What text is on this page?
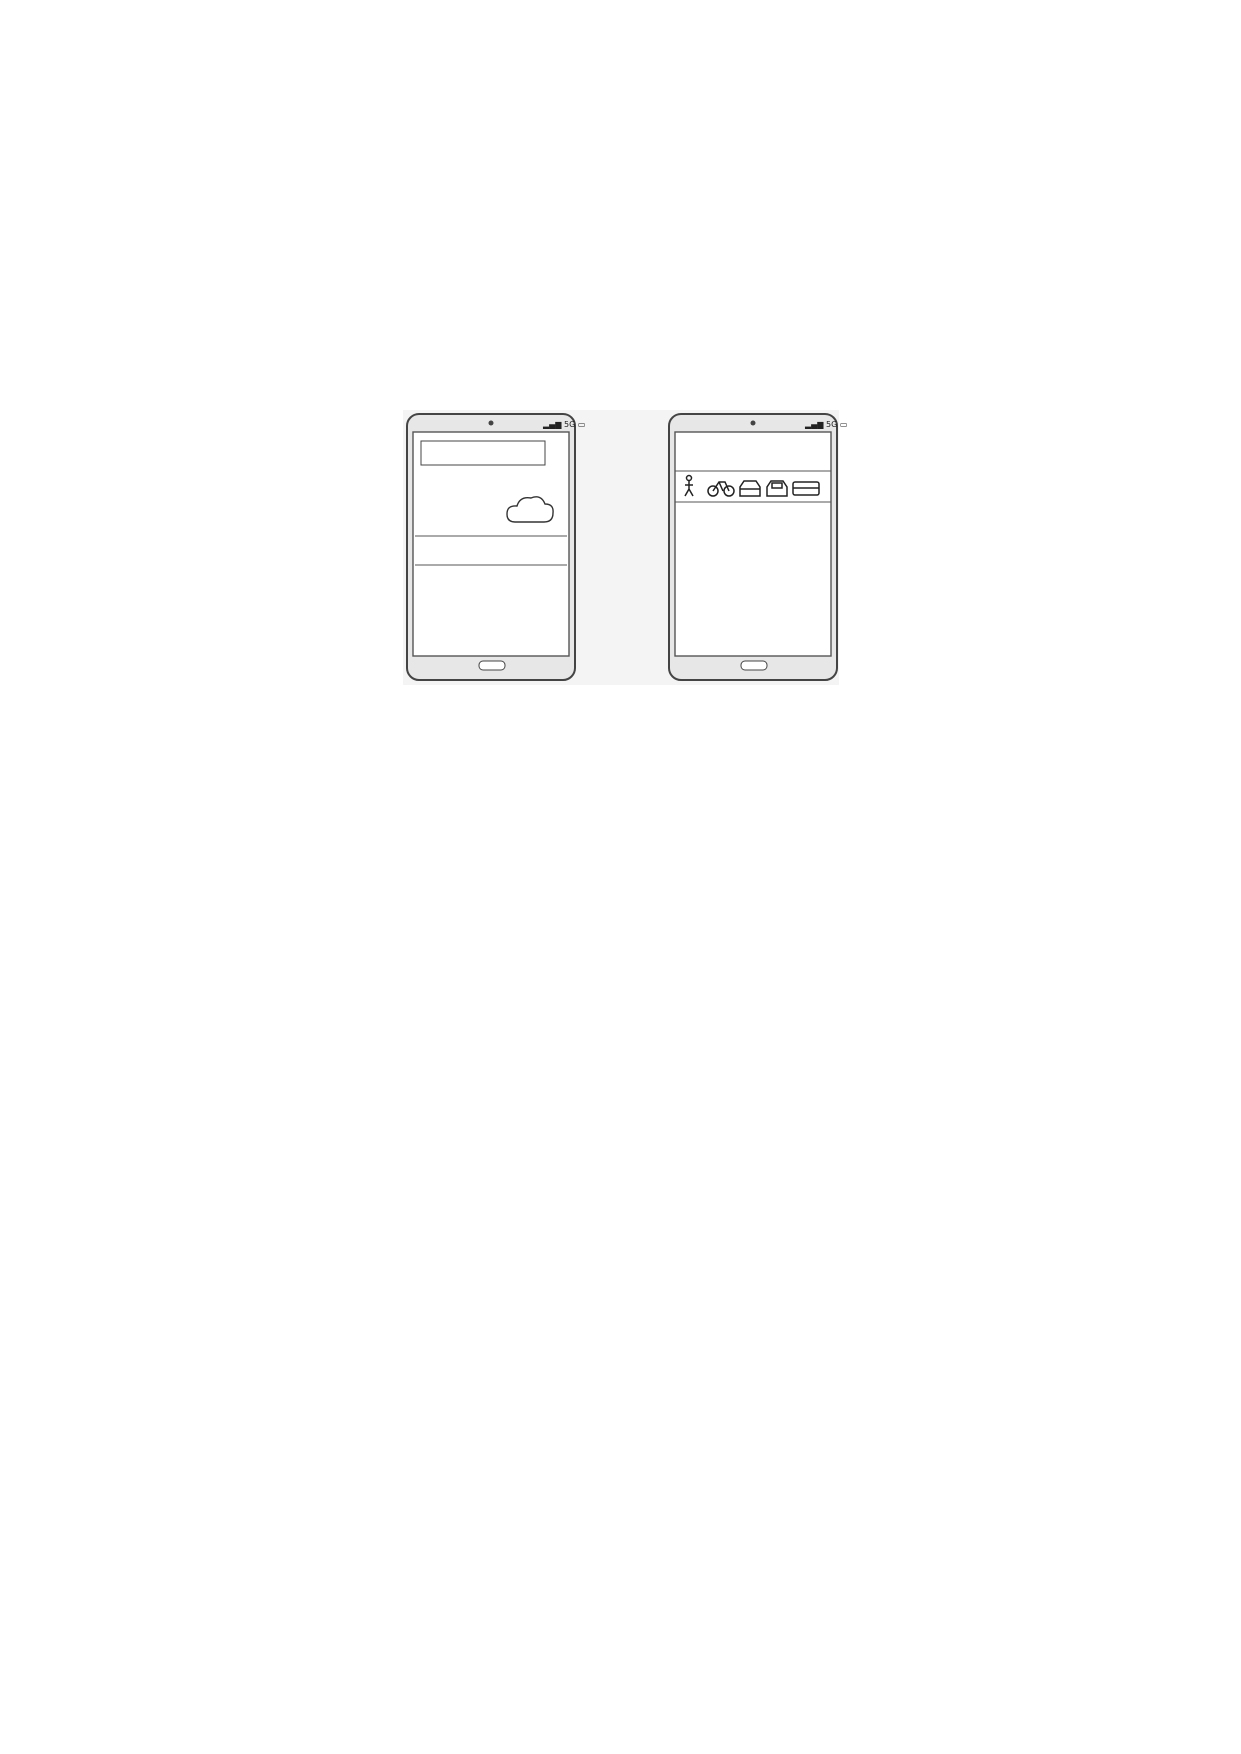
▂▄▆ 5G ▭	▂▄▆ 5G ▭
